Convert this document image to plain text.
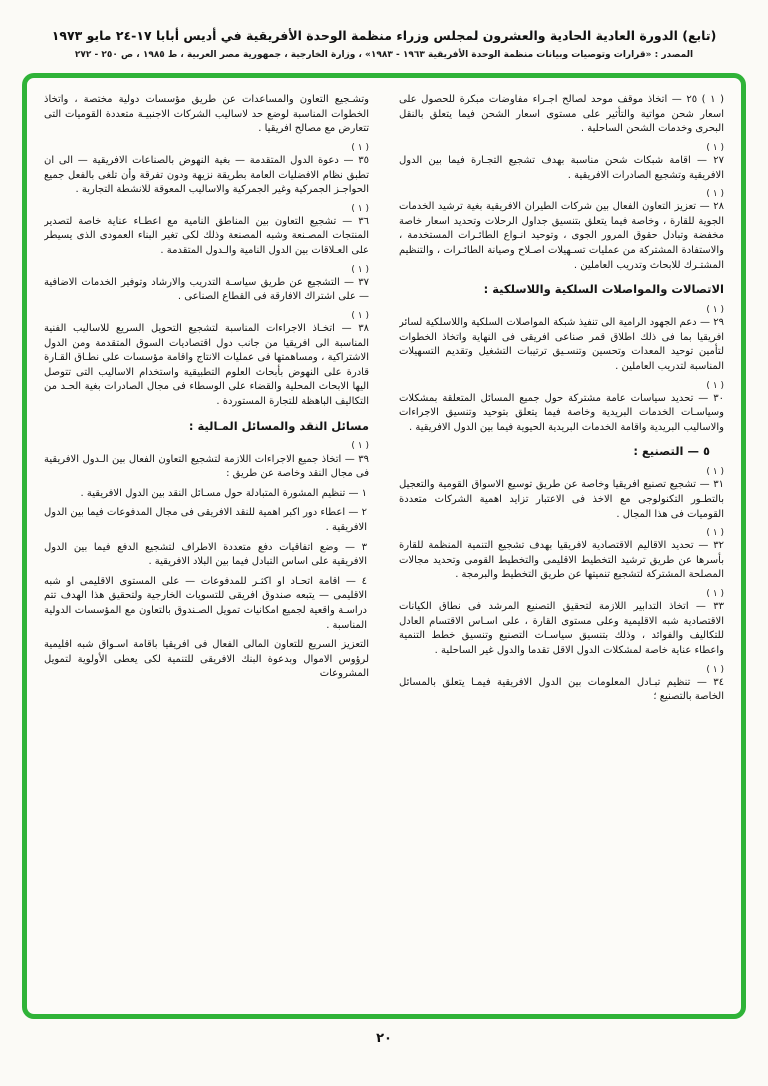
(تابع) الدورة العادية الحادية والعشرون لمجلس وزراء منظمة الوحدة الأفريقية في أديس أبابا ١٧-٢٤ مايو ١٩٧٣
المصدر : «قرارات وتوصيات وبيانات منظمة الوحدة الأفريقية ١٩٦٣ - ١٩٨٣» ، وزارة الخارجية ، جمهورية مصر العربية ، ط ١٩٨٥ ، ص ٢٥٠ - ٢٧٢

( ١ ) ٢٥ — اتخاذ موقف موحد لصالح اجـراء مفاوضات مبكرة للحصول على اسعار شحن مواتية والتأثير على مستوى اسعار الشحن فيما يتعلق بالنقل البحرى وخدمات الشحن الساحلية .

( ١ )

٢٧ — اقامة شبكات شحن مناسبة بهدف تشجيع التجـارة فيما بين الدول الافريقية وتشجيع الصادرات الافريقية .

( ١ )

٢٨ — تعزيز التعاون الفعال بين شركات الطيران الافريقية بغية ترشيد الخدمات الجوية للقارة ، وخاصة فيما يتعلق بتنسيق جداول الرحلات وتحديد اسعار خاصة مخفضة وتبادل حقوق المرور الجوى ، وتوحيد انـواع الطائـرات المستخدمة ، والاستفادة المشتركة من عمليات تسـهيلات اصـلاح وصيانة الطائـرات ، والتنظيم المشتـرك للابحاث وتدريب العاملين .

الاتصالات والمواصلات السلكية واللاسلكية :
( ١ )

٢٩ — دعم الجهود الرامية الى تنفيذ شبكة المواصلات السلكية واللاسلكية لسائر افريقيا بما فى ذلك اطلاق قمر صناعى افريقى فى النهاية واتخاذ الخطوات لتأمين توحيد المعدات وتحسين وتنسـيق ترتيبات التشغيل وتقديم التسهيلات المناسبة لتدريب العاملين .

( ١ )

٣٠ — تحديد سياسات عامة مشتركة حول جميع المسائل المتعلقة بمشكلات وسياسـات الخدمات البريدية وخاصة فيما يتعلق بتوحيد وتنسيق الاجراءات والاساليب البريدية واقامة الخدمات البريدية الحيوية فيما بين الدول الافريقية .

٥ — التصنيع :
( ١ )

٣١ — تشجيع تصنيع افريقيا وخاصة عن طريق توسيع الاسواق القومية والتعجيل بالتطـور التكنولوجى مع الاخذ فى الاعتبار تزايد اهمية الشركات متعددة القوميات فى هذا المجال .

( ١ )

٣٢ — تحديد الاقاليم الاقتصادية لافريقيا بهدف تشجيع التنمية المنظمة للقارة بأسرها عن طريق ترشيد التخطيط الاقليمى والتخطيط القومى وتحديد مجالات المصلحة المشتركة لتشجيع تنميتها عن طريق التخطيط والبرمجة .

( ١ )

٣٣ — اتخاذ التدابير اللازمة لتحقيق التصنيع المرشد فى نطاق الكيانات الاقتصادية شبه الاقليمية وعلى مستوى القارة ، على اسـاس الاقتسام العادل للتكاليف والفوائد ، وذلك بتنسيق سياسـات التصنيع وتنسيق خطط التنمية واعطاء عناية خاصة لمشكلات الدول الاقل تقدما والدول غير الساحلية .

( ١ )

٣٤ — تنظيم تبـادل المعلومات بين الدول الافريقية فيمـا يتعلق بالمسائل الخاصة بالتصنيع ؛

وتشـجيع التعاون والمساعدات عن طريق مؤسسات دولية مختصة ، واتخاذ الخطوات المناسبة لوضع حد لاساليب الشركات الاجنبيـة متعددة القوميات التى تتعارض مع مصالح افريقيا .

( ١ )

٣٥ — دعوة الدول المتقدمة — بغية النهوض بالصناعات الافريقية — الى ان تطبق نظام الافضليات العامة بطريقة نزيهة ودون تفرقة وأن تلغى بالفعل جميع الحواجـز الجمركية وغير الجمركية والاساليب المعوقة للانشطة التجارية .

( ١ )

٣٦ — تشجيع التعاون بين المناطق النامية مع اعطـاء عناية خاصة لتصدير المنتجات المصـنعة وشبه المصنعة وذلك لكى تغير البناء العمودى الذى يسيطر على العـلاقات بين الدول النامية والـدول المتقدمة .

( ١ )

٣٧ — التشجيع عن طريق سياسـة التدريب والارشاد وتوفير الخدمات الاضافية — على اشتراك الافارقة فى القطاع الصناعى .

( ١ )

٣٨ — اتخـاذ الاجراءات المناسبة لتشجيع التحويل السريع للاساليب الفنية المناسبة الى افريقيا من جانب دول اقتصاديات السوق المتقدمة ومن الدول الاشتراكية ، ومساهمتها فى عمليات الانتاج واقامة مؤسسات على نطـاق القـارة قادرة على النهوض بأبحاث العلوم التطبيقية واستخدام الاساليب التى تتوصل اليها الابحاث المحلية والقضاء على الوسطاء فى مجال الصادرات بغية الحـد من التكاليف الباهظة للتجارة المستوردة .

مسائل النقد والمسائل المـالية :
( ١ )

٣٩ — اتخاذ جميع الاجراءات اللازمة لتشجيع التعاون الفعال بين الـدول الافريقية فى مجال النقد وخاصة عن طريق :

١ — تنظيم المشورة المتبادلة حول مسـائل النقد بين الدول الافريقية .

٢ — اعطاء دور اكبر اهمية للنقد الافريقى فى مجال المدفوعات فيما بين الدول الافريقية .

٣ — وضع اتفاقيات دفع متعددة الاطراف لتشجيع الدفع فيما بين الدول الافريقية على اساس التبادل فيما بين البلاد الافريقية .

٤ — اقامة اتحـاد او اكثـر للمدفوعات — على المستوى الاقليمى او شبه الاقليمى — يتبعه صندوق افريقى للتسويات الخارجية ولتحقيق هذا الهدف تتم دراسـة واقعية لجميع امكانيات تمويل الصـندوق بالتعاون مع المؤسسات الدولية المناسبة .

التعزيز السريع للتعاون المالى الفعال فى افريقيا باقامة اسـواق شبه اقليمية لرؤوس الاموال وبدعوة البنك الافريقى للتنمية لكى يعطى الأولوية لتمويل المشروعات

٢٠
